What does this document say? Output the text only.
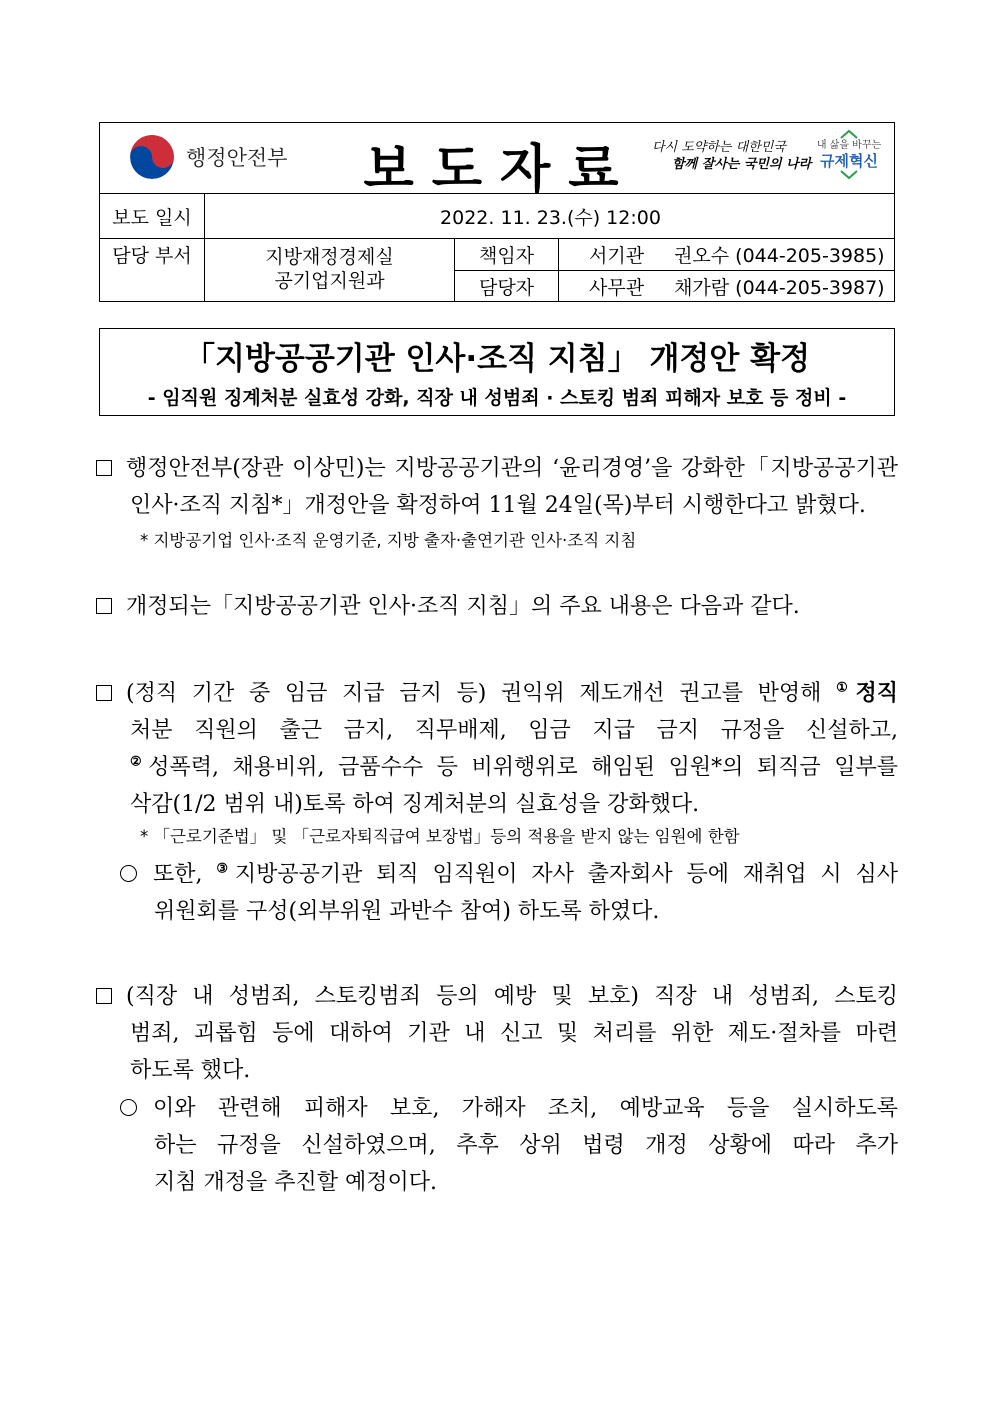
행정안전부	보도자료	다시 도약하는 대한민국
함께 잘사는 국민의 나라
내 삶을 바꾸는
규제혁신
보도 일시	2022. 11. 23.(수) 12:00
담당 부서	지방재정경제실
공기업지원과
책임자	서기관 권오수 (044-205-3985)
담당자	사무관 채가람 (044-205-3987)
「지방공공기관 인사·조직 지침」 개정안 확정
- 임직원 징계처분 실효성 강화, 직장 내 성범죄 · 스토킹 범죄 피해자 보호 등 정비 -
행정안전부(장관 이상민)는 지방공공기관의 ‘윤리경영’을 강화한「지방공공기관
인사·조직 지침*」개정안을 확정하여 11월 24일(목)부터 시행한다고 밝혔다.
* 지방공기업 인사·조직 운영기준, 지방 출자·출연기관 인사·조직 지침
개정되는「지방공공기관 인사·조직 지침」의 주요 내용은 다음과 같다.
(정직 기간 중 임금 지급 금지 등) 권익위 제도개선 권고를 반영해 ①정직
처분 직원의 출근 금지, 직무배제, 임금 지급 금지 규정을 신설하고,
②성폭력, 채용비위, 금품수수 등 비위행위로 해임된 임원*의 퇴직금 일부를
삭감(1/2 범위 내)토록 하여 징계처분의 실효성을 강화했다.
* 「근로기준법」 및 「근로자퇴직급여 보장법」등의 적용을 받지 않는 임원에 한함
또한, ③지방공공기관 퇴직 임직원이 자사 출자회사 등에 재취업 시 심사
위원회를 구성(외부위원 과반수 참여) 하도록 하였다.
(직장 내 성범죄, 스토킹범죄 등의 예방 및 보호) 직장 내 성범죄, 스토킹
범죄, 괴롭힘 등에 대하여 기관 내 신고 및 처리를 위한 제도·절차를 마련
하도록 했다.
이와 관련해 피해자 보호, 가해자 조치, 예방교육 등을 실시하도록
하는 규정을 신설하였으며, 추후 상위 법령 개정 상황에 따라 추가
지침 개정을 추진할 예정이다.
